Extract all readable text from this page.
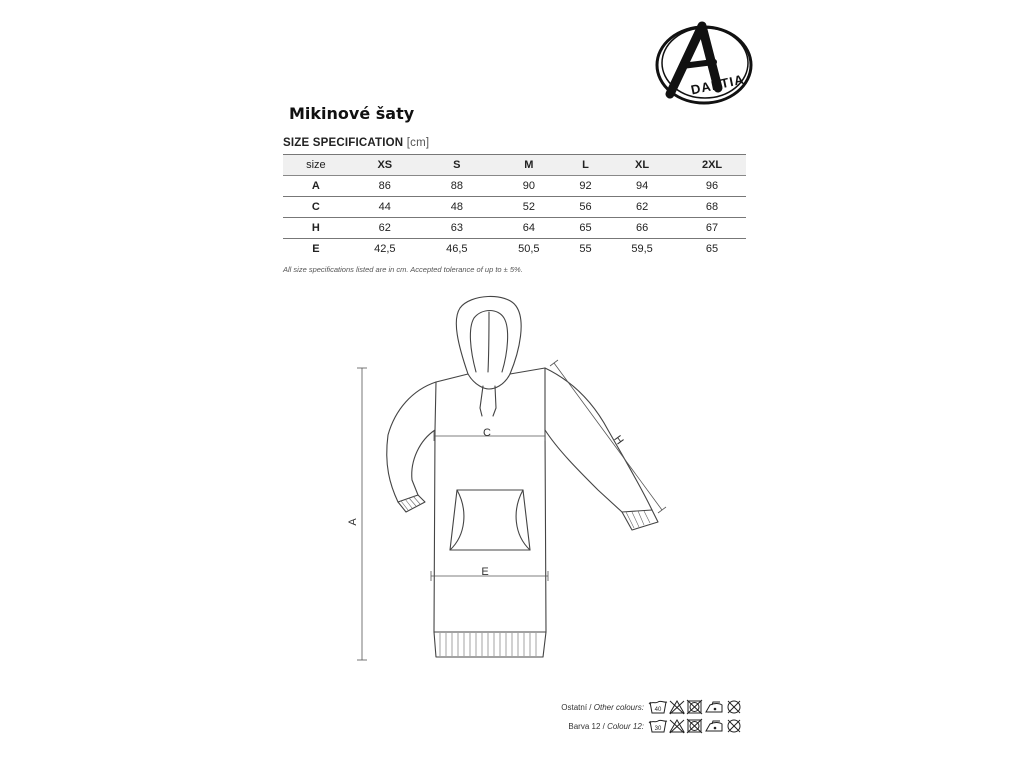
DAPTIA
Mikinové šaty
SIZE SPECIFICATION [cm]
size	XS	S	M	L	XL	2XL
A	86	88	90	92	94	96
C	44	48	52	56	62	68
H	62	63	64	65	66	67
E	42,5	46,5	50,5	55	59,5	65
All size specifications listed are in cm. Accepted tolerance of up to ± 5%.
A
C
E
H
Ostatní / Other colours: 40
Barva 12 / Colour 12: 30
